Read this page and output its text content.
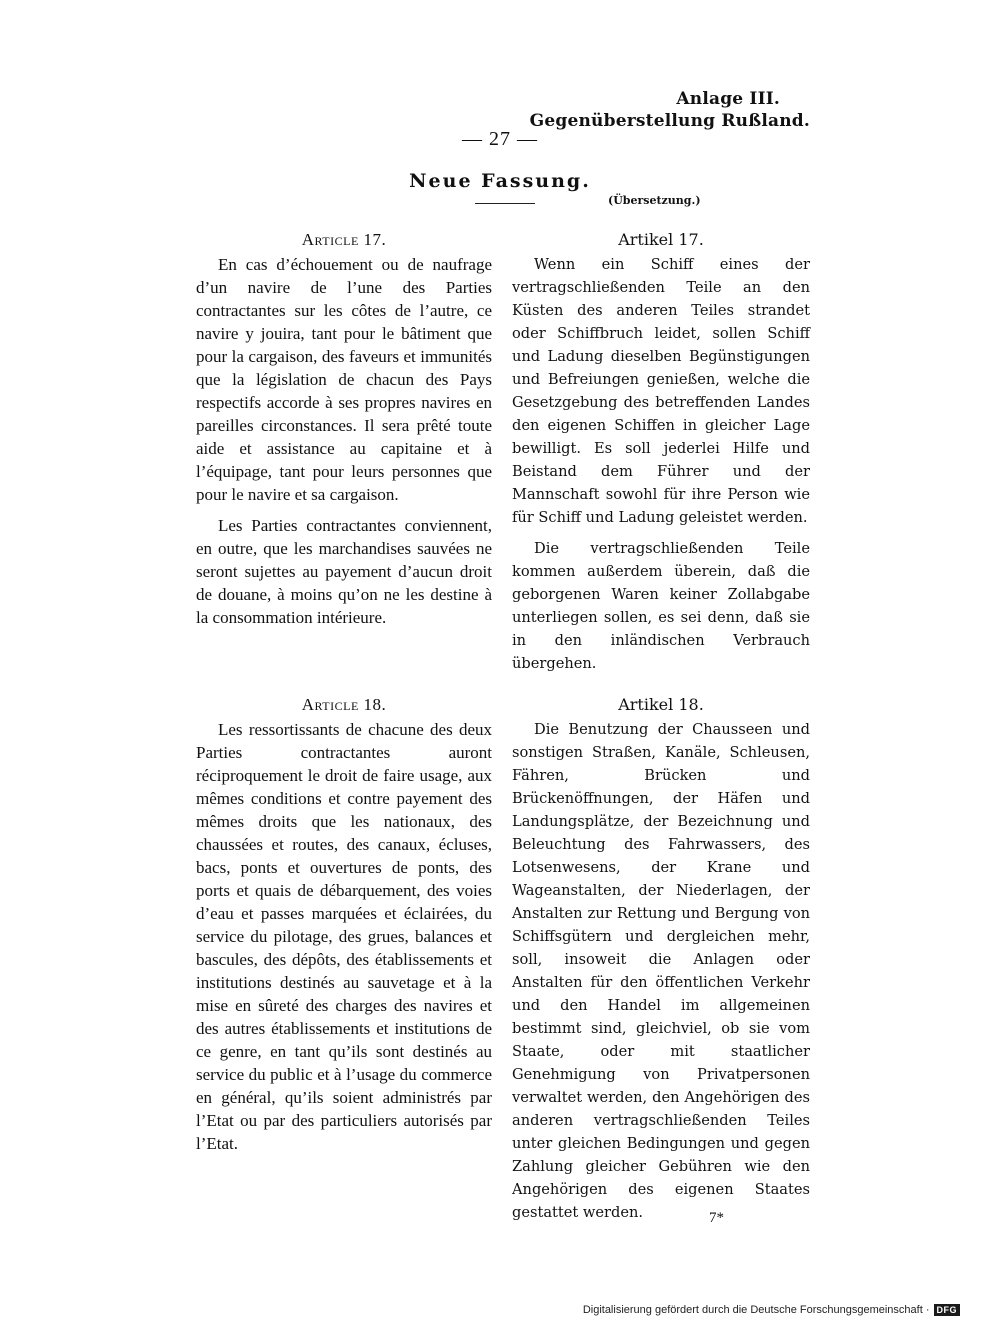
Anlage III.
Gegenüberstellung Rußland.
— 27 —
Neue Fassung.
(Übersetzung.)

Article 17.

En cas d’échouement ou de naufrage d’un navire de l’une des Parties contractantes sur les côtes de l’autre, ce navire y jouira, tant pour le bâtiment que pour la cargaison, des faveurs et immunités que la législation de chacun des Pays respectifs accorde à ses propres navires en pareilles circonstances. Il sera prêté toute aide et assistance au capitaine et à l’équipage, tant pour leurs personnes que pour le navire et sa cargaison.

Les Parties contractantes conviennent, en outre, que les marchandises sauvées ne seront sujettes au payement d’aucun droit de douane, à moins qu’on ne les destine à la consommation intérieure.

Artikel 17.

Wenn ein Schiff eines der vertragschließenden Teile an den Küsten des anderen Teiles strandet oder Schiffbruch leidet, sollen Schiff und Ladung dieselben Begünstigungen und Befreiungen genießen, welche die Gesetzgebung des betreffenden Landes den eigenen Schiffen in gleicher Lage bewilligt. Es soll jederlei Hilfe und Beistand dem Führer und der Mannschaft sowohl für ihre Person wie für Schiff und Ladung geleistet werden.

Die vertragschließenden Teile kommen außerdem überein, daß die geborgenen Waren keiner Zollabgabe unterliegen sollen, es sei denn, daß sie in den inländischen Verbrauch übergehen.

Article 18.

Les ressortissants de chacune des deux Parties contractantes auront réciproquement le droit de faire usage, aux mêmes conditions et contre payement des mêmes droits que les nationaux, des chaussées et routes, des canaux, écluses, bacs, ponts et ouvertures de ponts, des ports et quais de débarquement, des voies d’eau et passes marquées et éclairées, du service du pilotage, des grues, balances et bascules, des dépôts, des établissements et institutions destinés au sauvetage et à la mise en sûreté des charges des navires et des autres établissements et institutions de ce genre, en tant qu’ils sont destinés au service du public et à l’usage du commerce en général, qu’ils soient administrés par l’Etat ou par des particuliers autorisés par l’Etat.

Artikel 18.

Die Benutzung der Chausseen und sonstigen Straßen, Kanäle, Schleusen, Fähren, Brücken und Brückenöffnungen, der Häfen und Landungsplätze, der Bezeichnung und Beleuchtung des Fahrwassers, des Lotsenwesens, der Krane und Wageanstalten, der Niederlagen, der Anstalten zur Rettung und Bergung von Schiffsgütern und dergleichen mehr, soll, insoweit die Anlagen oder Anstalten für den öffentlichen Verkehr und den Handel im allgemeinen bestimmt sind, gleichviel, ob sie vom Staate, oder mit staatlicher Genehmigung von Privatpersonen verwaltet werden, den Angehörigen des anderen vertragschließenden Teiles unter gleichen Bedingungen und gegen Zahlung gleicher Gebühren wie den Angehörigen des eigenen Staates gestattet werden.	7*
Digitalisierung gefördert durch die Deutsche Forschungsgemeinschaft · DFG
